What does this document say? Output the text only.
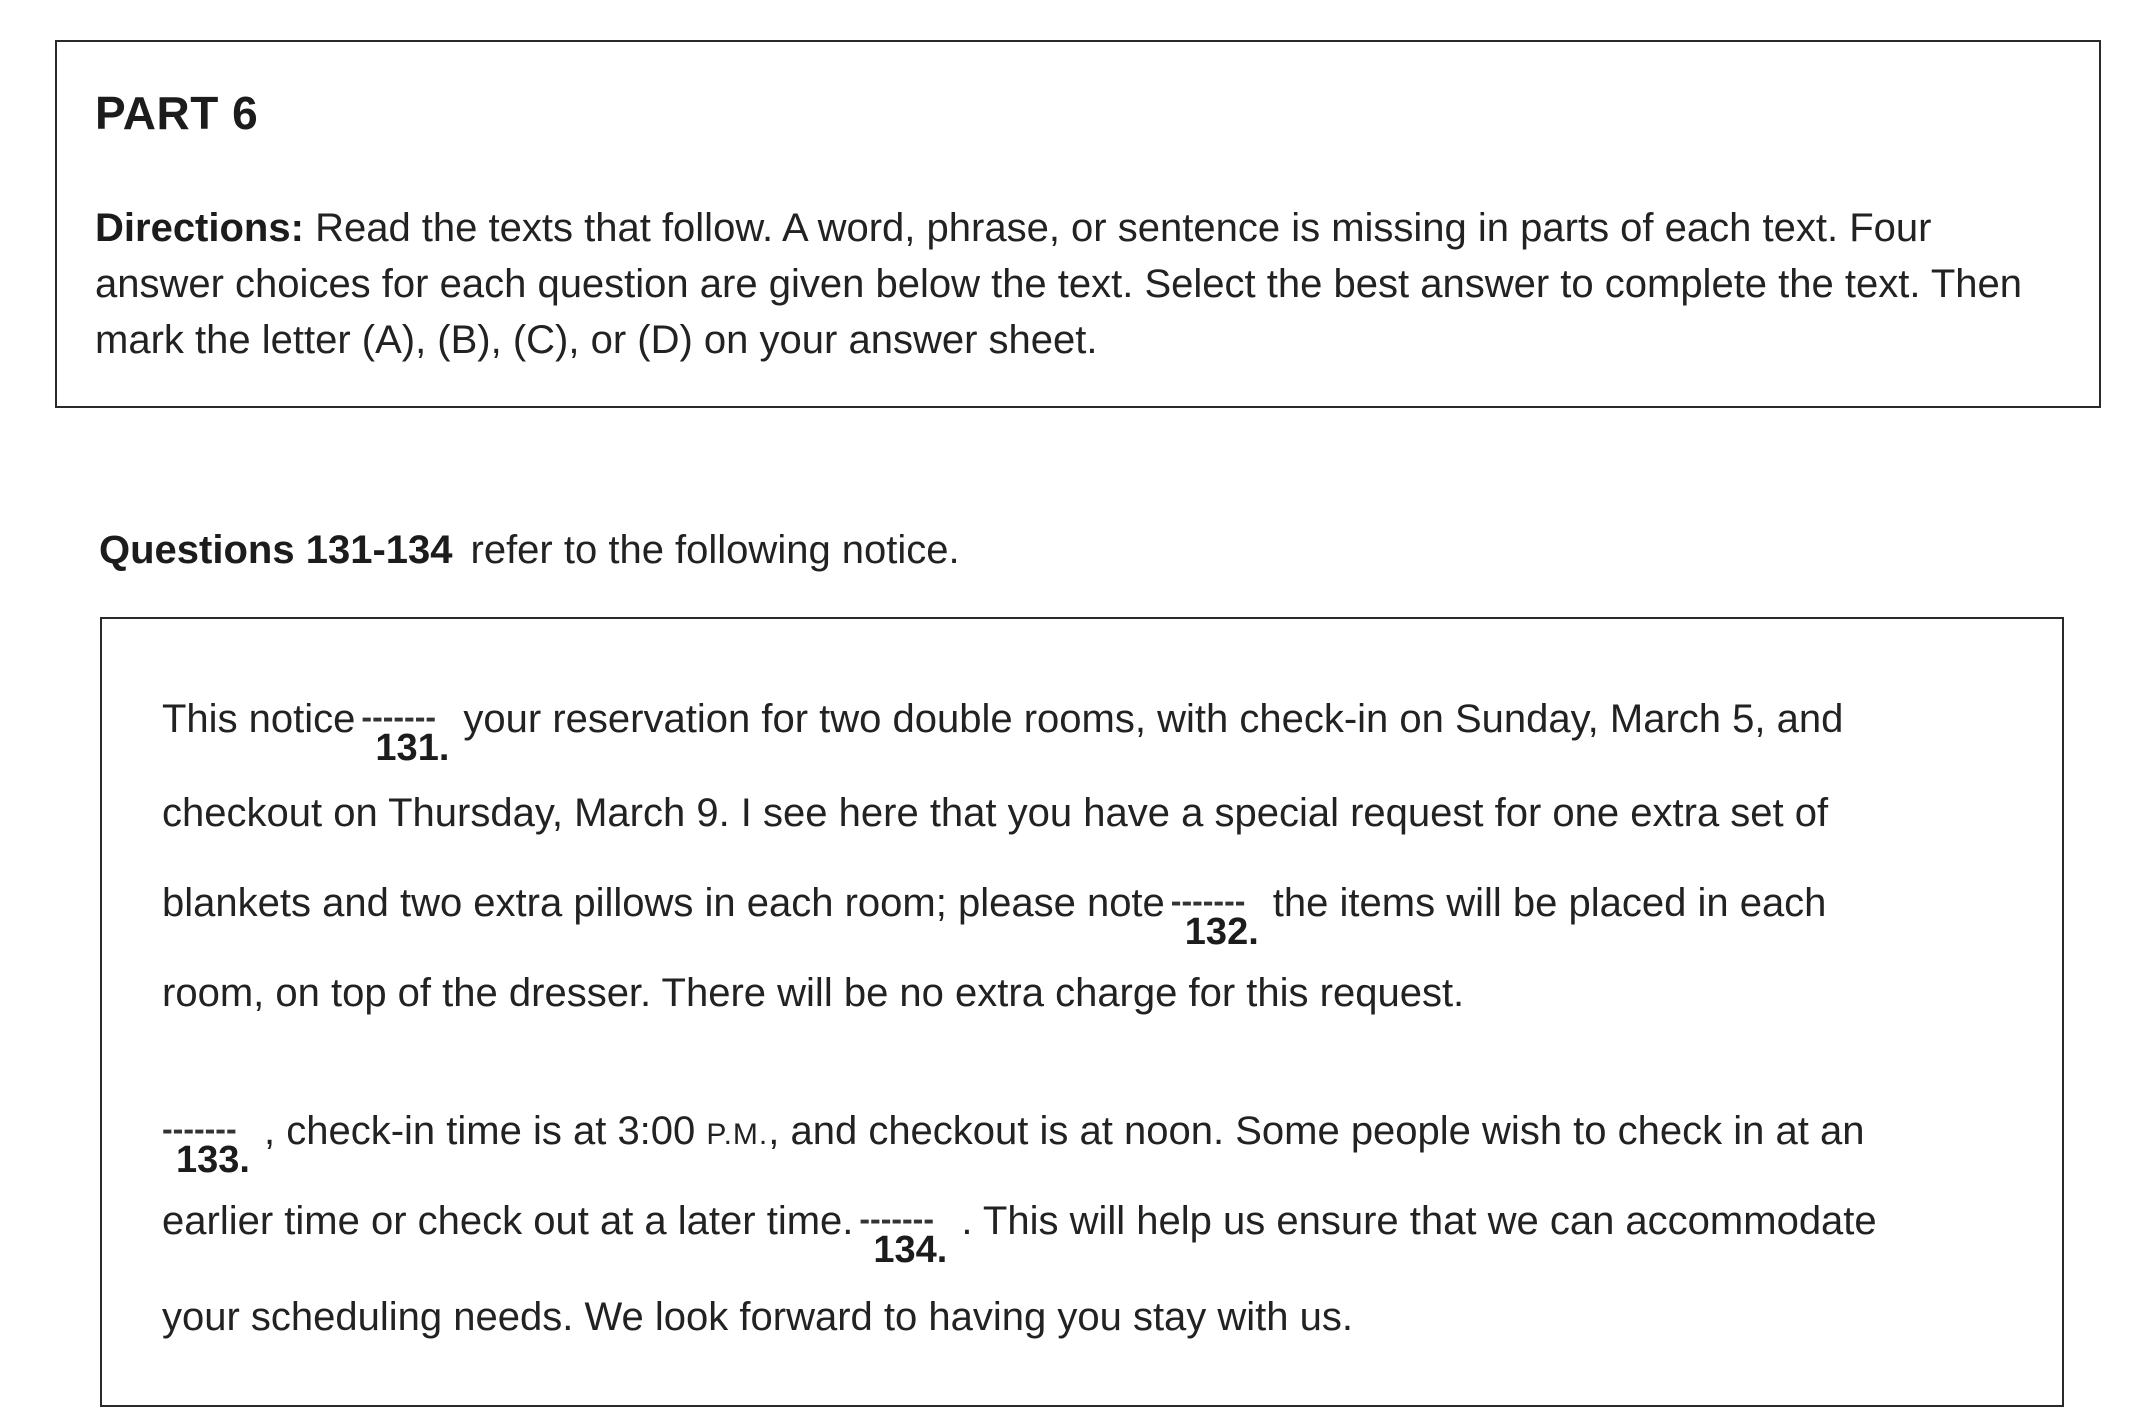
PART 6
Directions: Read the texts that follow. A word, phrase, or sentence is missing in parts of each text. Four answer choices for each question are given below the text. Select the best answer to complete the text. Then mark the letter (A), (B), (C), or (D) on your answer sheet.
Questions 131-134 refer to the following notice.
This notice -------
131.
your reservation for two double rooms, with check-in on Sunday, March 5, and
checkout on Thursday, March 9. I see here that you have a special request for one extra set of
blankets and two extra pillows in each room; please note -------
132.
the items will be placed in each
room, on top of the dresser. There will be no extra charge for this request.
-------
133.
, check-in time is at 3:00 P.M., and checkout is at noon. Some people wish to check in at an
earlier time or check out at a later time. -------
134.
. This will help us ensure that we can accommodate
your scheduling needs. We look forward to having you stay with us.
